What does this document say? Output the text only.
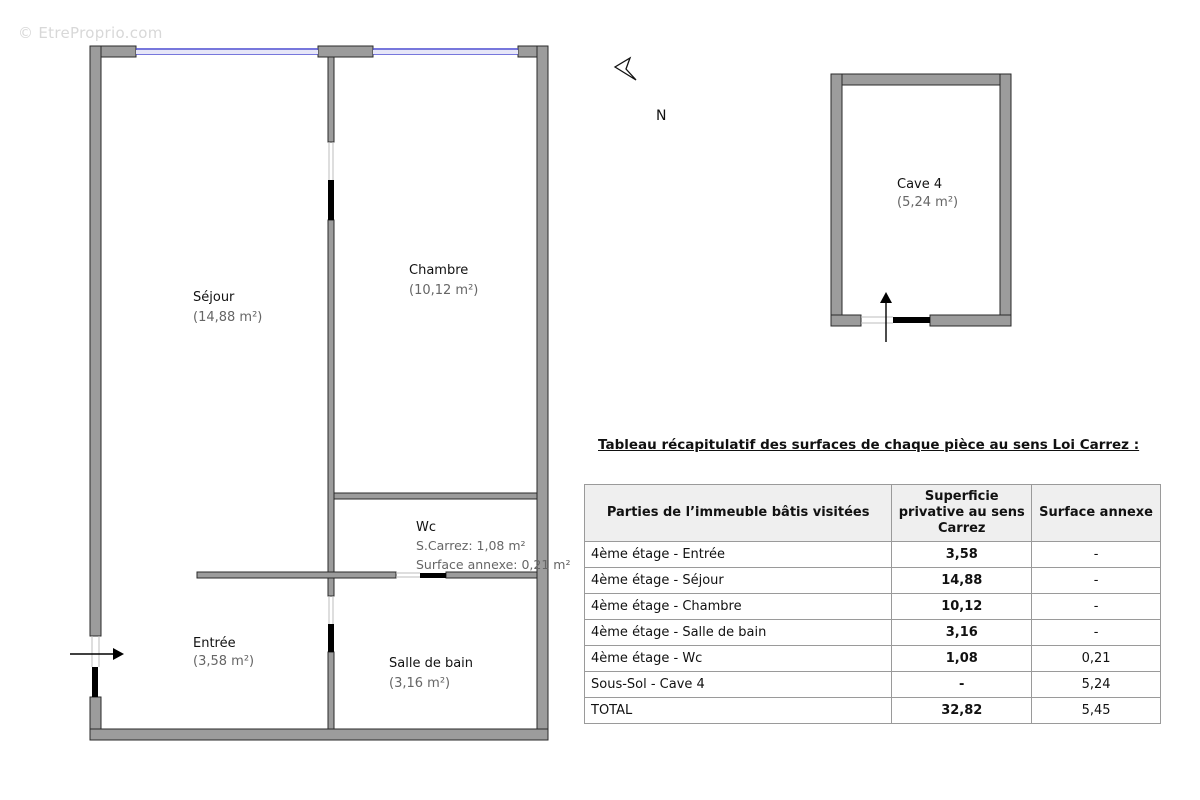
© EtreProprio.com
N
Séjour
(14,88 m²)
Chambre
(10,12 m²)
Wc
S.Carrez: 1,08 m²
Surface annexe: 0,21 m²
Entrée
(3,58 m²)	Salle de bain
(3,16 m²)
Cave 4
(5,24 m²)
Tableau récapitulatif des surfaces de chaque pièce au sens Loi Carrez :
Parties de l’immeuble bâtis visitées	Superficie privative au sens Carrez	Surface annexe
4ème étage - Entrée	3,58	-
4ème étage - Séjour	14,88	-
4ème étage - Chambre	10,12	-
4ème étage - Salle de bain	3,16	-
4ème étage - Wc	1,08	0,21
Sous-Sol - Cave 4	-	5,24
TOTAL	32,82	5,45
